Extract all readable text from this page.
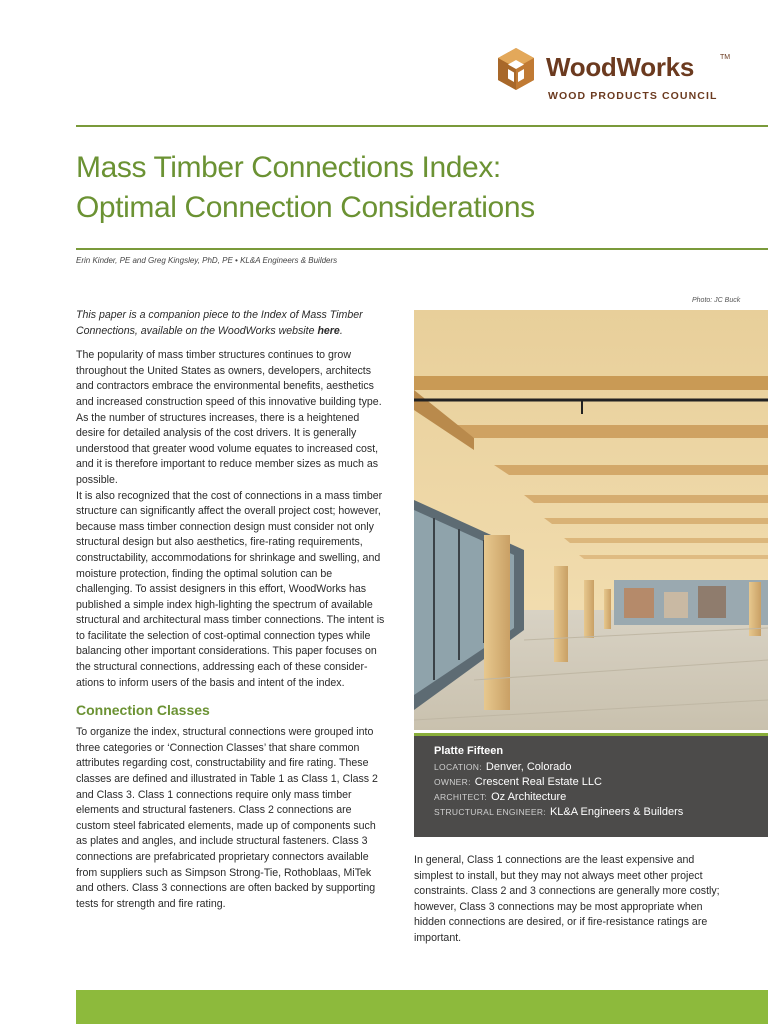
WoodWorks	TM
WOOD PRODUCTS COUNCIL
Mass Timber Connections Index:
Optimal Connection Considerations
Erin Kinder, PE and Greg Kingsley, PhD, PE • KL&A Engineers & Builders
Photo: JC Buck

This paper is a companion piece to the Index of Mass Timber Connections, available on the WoodWorks website here.

The popularity of mass timber structures continues to grow throughout the United States as owners, developers, architects and contractors embrace the environmental benefits, aesthetics and increased construction speed of this innovative building type. As the number of structures increases, there is a heightened desire for detailed analysis of the cost drivers. It is generally understood that greater wood volume equates to increased cost, and it is therefore important to reduce member sizes as much as possible.

It is also recognized that the cost of connections in a mass timber structure can significantly affect the overall project cost; however, because mass timber connection design must consider not only structural design but also aesthetics, fire-rating requirements, constructability, accommodations for shrinkage and swelling, and moisture protection, finding the optimal solution can be challenging. To assist designers in this effort, WoodWorks has published a simple index high-lighting the spectrum of available structural and architectural mass timber connections. The intent is to facilitate the selection of cost-optimal connection types while balancing other important considerations. This paper focuses on the structural connections, addressing each of these consider-ations to inform users of the basis and intent of the index.

Connection Classes

To organize the index, structural connections were grouped into three categories or ‘Connection Classes’ that share common attributes regarding cost, constructability and fire rating. These classes are defined and illustrated in Table 1 as Class 1, Class 2 and Class 3. Class 1 connections require only mass timber elements and structural fasteners. Class 2 connections are custom steel fabricated elements, made up of components such as plates and angles, and include structural fasteners. Class 3 connections are prefabricated proprietary connectors available from suppliers such as Simpson Strong-Tie, Rothoblaas, MiTek and others. Class 3 connections are often backed by supporting tests for strength and fire rating.

Platte Fifteen
LOCATION: Denver, Colorado
OWNER: Crescent Real Estate LLC
ARCHITECT: Oz Architecture
STRUCTURAL ENGINEER: KL&A Engineers & Builders

In general, Class 1 connections are the least expensive and simplest to install, but they may not always meet other project constraints. Class 2 and 3 connections are generally more costly; however, Class 3 connections may be most appropriate when hidden connections are desired, or if fire-resistance ratings are important.
